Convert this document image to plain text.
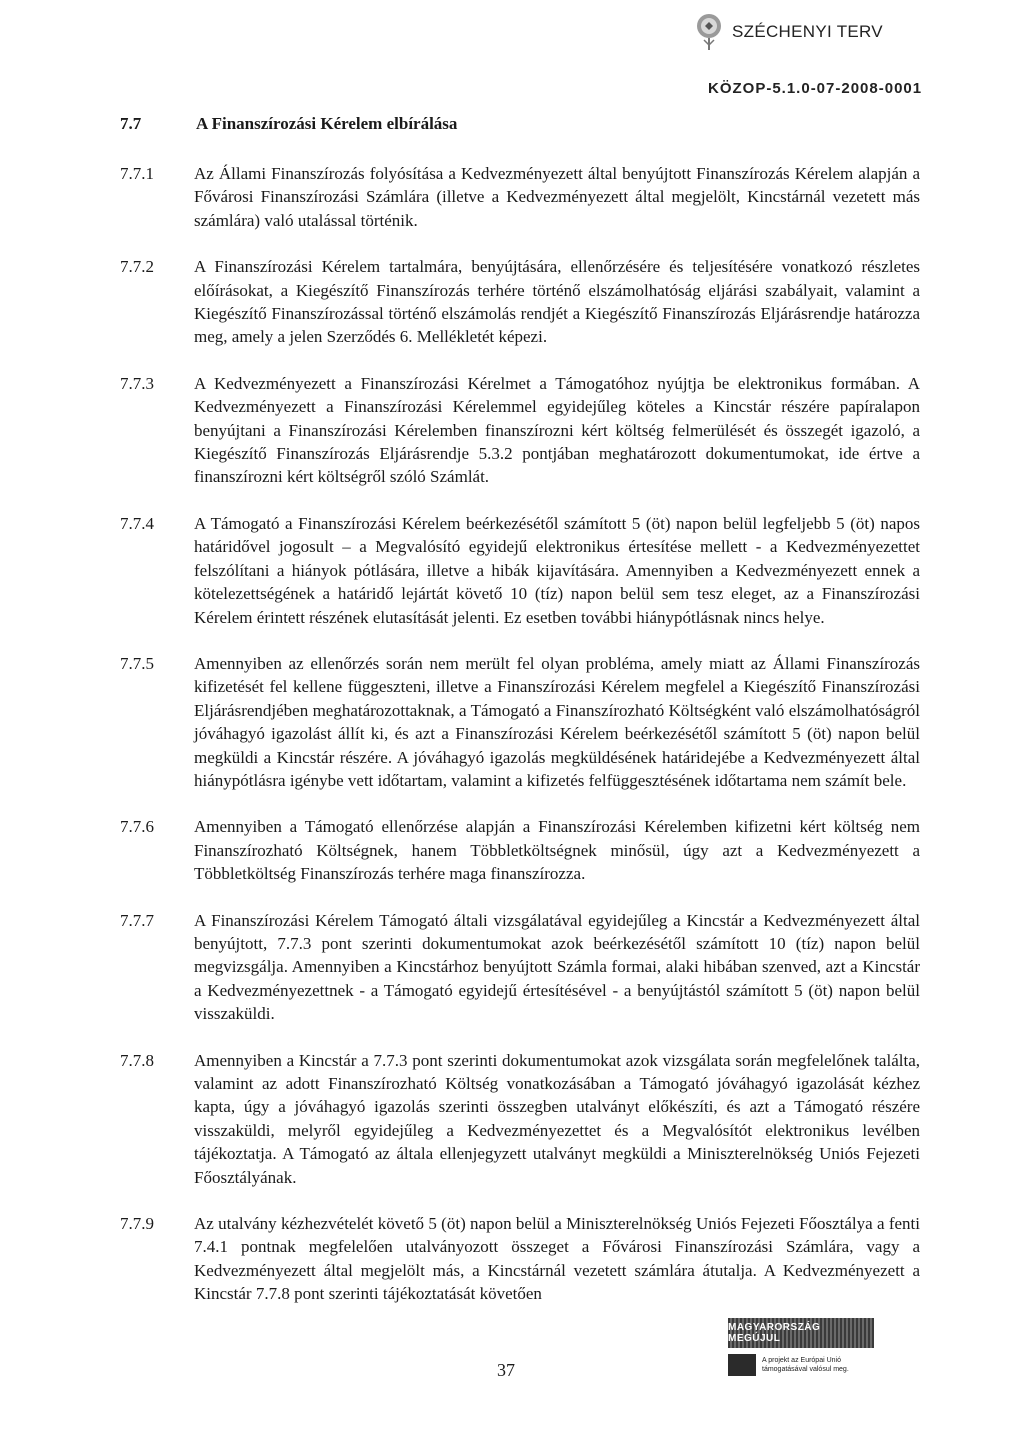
SZÉCHENYI TERV
KÖZOP-5.1.0-07-2008-0001
7.7	A Finanszírozási Kérelem elbírálása
7.7.1	Az Állami Finanszírozás folyósítása a Kedvezményezett által benyújtott Finanszírozás Kérelem alapján a Fővárosi Finanszírozási Számlára (illetve a Kedvezményezett által megjelölt, Kincstárnál vezetett más számlára) való utalással történik.
7.7.2	A Finanszírozási Kérelem tartalmára, benyújtására, ellenőrzésére és teljesítésére vonatkozó részletes előírásokat, a Kiegészítő Finanszírozás terhére történő elszámolhatóság eljárási szabályait, valamint a Kiegészítő Finanszírozással történő elszámolás rendjét a Kiegészítő Finanszírozás Eljárásrendje határozza meg, amely a jelen Szerződés 6. Mellékletét képezi.
7.7.3	A Kedvezményezett a Finanszírozási Kérelmet a Támogatóhoz nyújtja be elektronikus formában. A Kedvezményezett a Finanszírozási Kérelemmel egyidejűleg köteles a Kincstár részére papíralapon benyújtani a Finanszírozási Kérelemben finanszírozni kért költség felmerülését és összegét igazoló, a Kiegészítő Finanszírozás Eljárásrendje 5.3.2 pontjában meghatározott dokumentumokat, ide értve a finanszírozni kért költségről szóló Számlát.
7.7.4	A Támogató a Finanszírozási Kérelem beérkezésétől számított 5 (öt) napon belül legfeljebb 5 (öt) napos határidővel jogosult – a Megvalósító egyidejű elektronikus értesítése mellett - a Kedvezményezettet felszólítani a hiányok pótlására, illetve a hibák kijavítására. Amennyiben a Kedvezményezett ennek a kötelezettségének a határidő lejártát követő 10 (tíz) napon belül sem tesz eleget, az a Finanszírozási Kérelem érintett részének elutasítását jelenti. Ez esetben további hiánypótlásnak nincs helye.
7.7.5	Amennyiben az ellenőrzés során nem merült fel olyan probléma, amely miatt az Állami Finanszírozás kifizetését fel kellene függeszteni, illetve a Finanszírozási Kérelem megfelel a Kiegészítő Finanszírozási Eljárásrendjében meghatározottaknak, a Támogató a Finanszírozható Költségként való elszámolhatóságról jóváhagyó igazolást állít ki, és azt a Finanszírozási Kérelem beérkezésétől számított 5 (öt) napon belül megküldi a Kincstár részére. A jóváhagyó igazolás megküldésének határidejébe a Kedvezményezett által hiánypótlásra igénybe vett időtartam, valamint a kifizetés felfüggesztésének időtartama nem számít bele.
7.7.6	Amennyiben a Támogató ellenőrzése alapján a Finanszírozási Kérelemben kifizetni kért költség nem Finanszírozható Költségnek, hanem Többletköltségnek minősül, úgy azt a Kedvezményezett a Többletköltség Finanszírozás terhére maga finanszírozza.
7.7.7	A Finanszírozási Kérelem Támogató általi vizsgálatával egyidejűleg a Kincstár a Kedvezményezett által benyújtott, 7.7.3 pont szerinti dokumentumokat azok beérkezésétől számított 10 (tíz) napon belül megvizsgálja. Amennyiben a Kincstárhoz benyújtott Számla formai, alaki hibában szenved, azt a Kincstár a Kedvezményezettnek - a Támogató egyidejű értesítésével - a benyújtástól számított 5 (öt) napon belül visszaküldi.
7.7.8	Amennyiben a Kincstár a 7.7.3 pont szerinti dokumentumokat azok vizsgálata során megfelelőnek találta, valamint az adott Finanszírozható Költség vonatkozásában a Támogató jóváhagyó igazolását kézhez kapta, úgy a jóváhagyó igazolás szerinti összegben utalványt előkészíti, és azt a Támogató részére visszaküldi, melyről egyidejűleg a Kedvezményezettet és a Megvalósítót elektronikus levélben tájékoztatja. A Támogató az általa ellenjegyzett utalványt megküldi a Miniszterelnökség Uniós Fejezeti Főosztályának.
7.7.9	Az utalvány kézhezvételét követő 5 (öt) napon belül a Miniszterelnökség Uniós Fejezeti Főosztálya a fenti 7.4.1 pontnak megfelelően utalványozott összeget a Fővárosi Finanszírozási Számlára, vagy a Kedvezményezett által megjelölt más, a Kincstárnál vezetett számlára átutalja. A Kedvezményezett a Kincstár 7.7.8 pont szerinti tájékoztatását követően
37
MAGYARORSZÁG MEGÚJUL
A projekt az Európai Unió támogatásával valósul meg.
